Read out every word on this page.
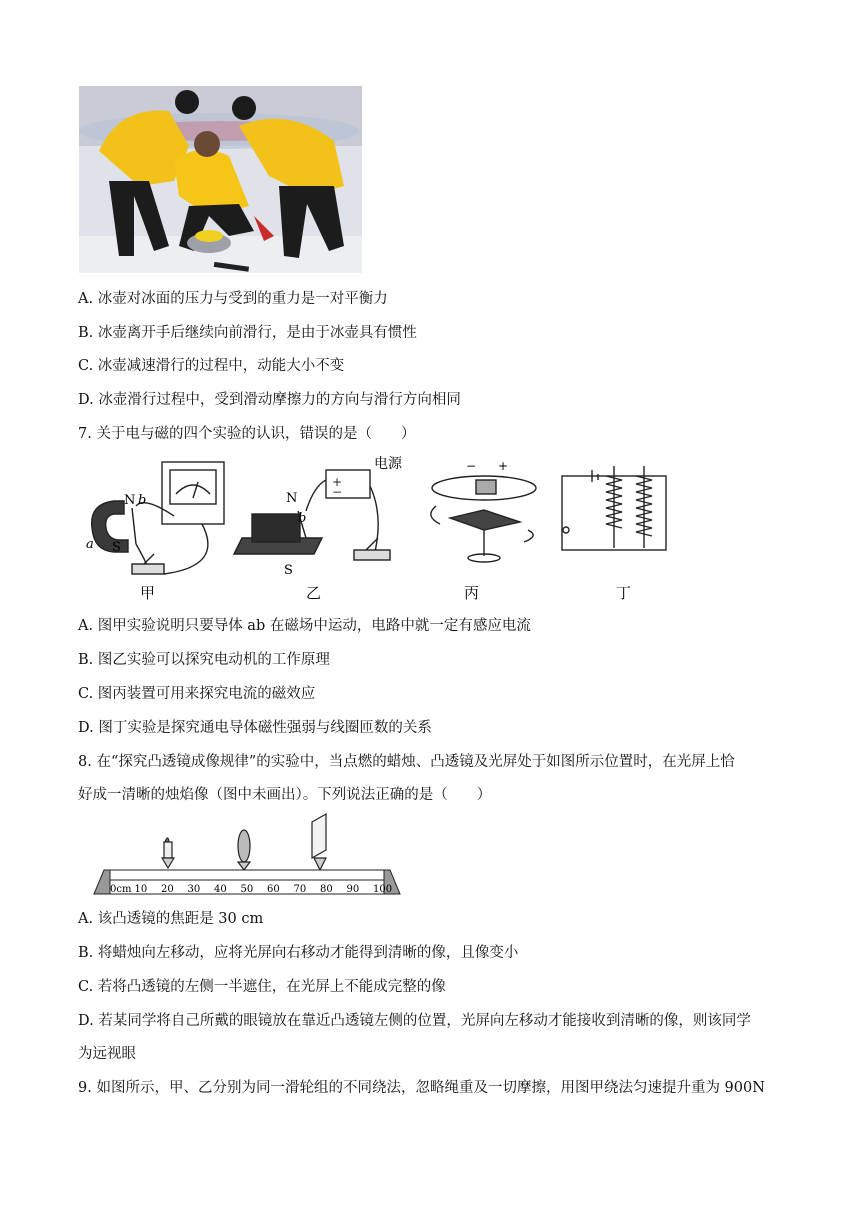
A. 冰壶对冰面的压力与受到的重力是一对平衡力
B. 冰壶离开手后继续向前滑行，是由于冰壶具有惯性
C. 冰壶减速滑行的过程中，动能大小不变
D. 冰壶滑行过程中，受到滑动摩擦力的方向与滑行方向相同
7. 关于电与磁的四个实验的认识，错误的是（　　）
N b
a S
甲
+
−
N
b
S
电源
乙
− +
丙	丁
A. 图甲实验说明只要导体 ab 在磁场中运动，电路中就一定有感应电流
B. 图乙实验可以探究电动机的工作原理
C. 图丙装置可用来探究电流的磁效应
D. 图丁实验是探究通电导体磁性强弱与线圈匝数的关系
8. 在“探究凸透镜成像规律”的实验中，当点燃的蜡烛、凸透镜及光屏处于如图所示位置时，在光屏上恰
好成一清晰的烛焰像（图中未画出）。下列说法正确的是（　　）
0cm 10 20 30 40 50 60 70 80 90 100
A. 该凸透镜的焦距是 30 cm
B. 将蜡烛向左移动，应将光屏向右移动才能得到清晰的像，且像变小
C. 若将凸透镜的左侧一半遮住，在光屏上不能成完整的像
D. 若某同学将自己所戴的眼镜放在靠近凸透镜左侧的位置，光屏向左移动才能接收到清晰的像，则该同学
为远视眼
9. 如图所示，甲、乙分别为同一滑轮组的不同绕法，忽略绳重及一切摩擦，用图甲绕法匀速提升重为 900N
